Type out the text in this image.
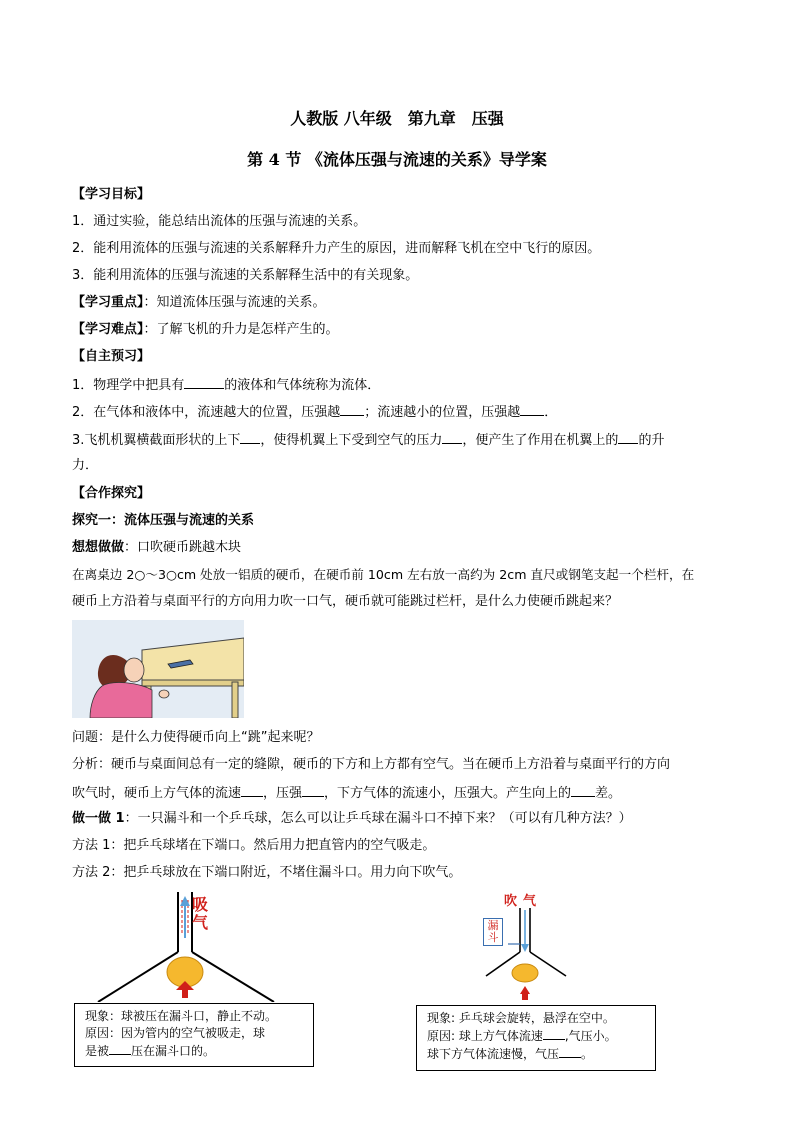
人教版 八年级　第九章　压强
第 4 节 《流体压强与流速的关系》导学案
【学习目标】
1．通过实验，能总结出流体的压强与流速的关系。
2．能利用流体的压强与流速的关系解释升力产生的原因，进而解释飞机在空中飞行的原因。
3．能利用流体的压强与流速的关系解释生活中的有关现象。
【学习重点】：知道流体压强与流速的关系。
【学习难点】：了解飞机的升力是怎样产生的。
【自主预习】
1．物理学中把具有	的液体和气体统称为流体．
2．在气体和液体中，流速越大的位置，压强越 ；流速越小的位置，压强越 ．
3.飞机机翼横截面形状的上下 ，使得机翼上下受到空气的压力 ，便产生了作用在机翼上的 的升
力．
【合作探究】
探究一：流体压强与流速的关系
想想做做：口吹硬币跳越木块
在离桌边 2○～3○cm 处放一铝质的硬币，在硬币前 10cm 左右放一高约为 2cm 直尺或钢笔支起一个栏杆，在
硬币上方沿着与桌面平行的方向用力吹一口气，硬币就可能跳过栏杆，是什么力使硬币跳起来？
问题：是什么力使得硬币向上“跳”起来呢？
分析：硬币与桌面间总有一定的缝隙，硬币的下方和上方都有空气。当在硬币上方沿着与桌面平行的方向
吹气时，硬币上方气体的流速 ，压强 ，下方气体的流速小，压强大。产生向上的 差。
做一做 1：一只漏斗和一个乒乓球，怎么可以让乒乓球在漏斗口不掉下来？（可以有几种方法？）
方法 1：把乒乓球堵在下端口。然后用力把直管内的空气吸走。
方法 2：把乒乓球放在下端口附近，不堵住漏斗口。用力向下吹气。
吸气
吹气
漏斗
现象：球被压在漏斗口，静止不动。
原因：因为管内的空气被吸走，球
是被 压在漏斗口的。
现象: 乒乓球会旋转，悬浮在空中。
原因: 球上方气体流速 ,气压小。
球下方气体流速慢，气压 。
